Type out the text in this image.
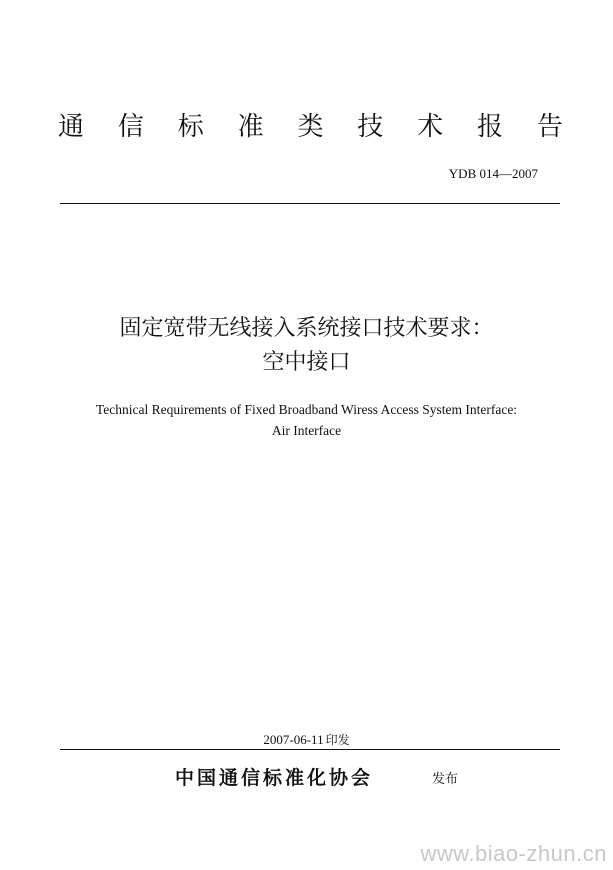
通 信 标 准 类 技 术 报 告
YDB 014—2007
固定宽带无线接入系统接口技术要求：
空中接口
Technical Requirements of Fixed Broadband Wiress Access System Interface:
Air Interface
2007-06-11 印发
中国通信标准化协会	发布
www.biao-zhun.cn
